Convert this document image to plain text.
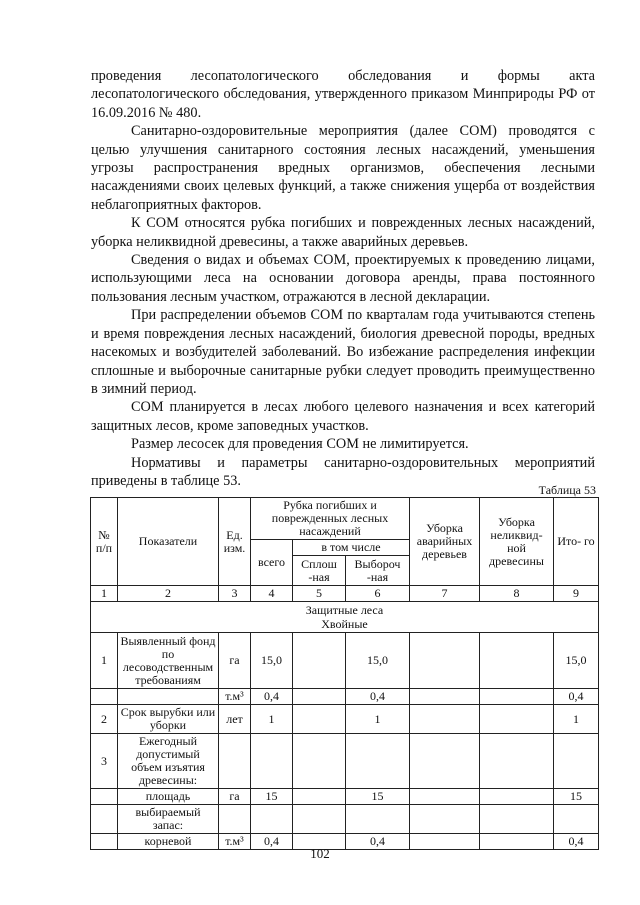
проведения лесопатологического обследования и формы акта лесопатологического обследования, утвержденного приказом Минприроды РФ от 16.09.2016 № 480.

Санитарно-оздоровительные мероприятия (далее СОМ) проводятся с целью улучшения санитарного состояния лесных насаждений, уменьшения угрозы распространения вредных организмов, обеспечения лесными насаждениями своих целевых функций, а также снижения ущерба от воздействия неблагоприятных факторов.

К СОМ относятся рубка погибших и поврежденных лесных насаждений, уборка неликвидной древесины, а также аварийных деревьев.

Сведения о видах и объемах СОМ, проектируемых к проведению лицами, использующими леса на основании договора аренды, права постоянного пользования лесным участком, отражаются в лесной декларации.

При распределении объемов СОМ по кварталам года учитываются степень и время повреждения лесных насаждений, биология древесной породы, вредных насекомых и возбудителей заболеваний. Во избежание распределения инфекции сплошные и выборочные санитарные рубки следует проводить преимущественно в зимний период.

СОМ планируется в лесах любого целевого назначения и всех категорий защитных лесов, кроме заповедных участков.

Размер лесосек для проведения СОМ не лимитируется.

Нормативы и параметры санитарно-оздоровительных мероприятий приведены в таблице 53.

Таблица 53
№ п/п	Показатели	Ед. изм.	Рубка погибших и поврежденных лесных насаждений			Уборка аварийных деревьев	Уборка неликвид- ной древесины	Ито- го
			всего	в том числе				
				Сплош -ная	Выбороч -ная			
1	2	3	4	5	6	7	8	9

Защитные леса
Хвойные								

1	Выявленный фонд по лесоводственным требованиям	га	15,0		15,0			15,0
		т.м³	0,4		0,4			0,4
2	Срок вырубки или уборки	лет	1		1			1
3	Ежегодный допустимый объем изъятия древесины:							
	площадь	га	15		15			15
	выбираемый запас:							
	корневой	т.м³	0,4		0,4			0,4
102
